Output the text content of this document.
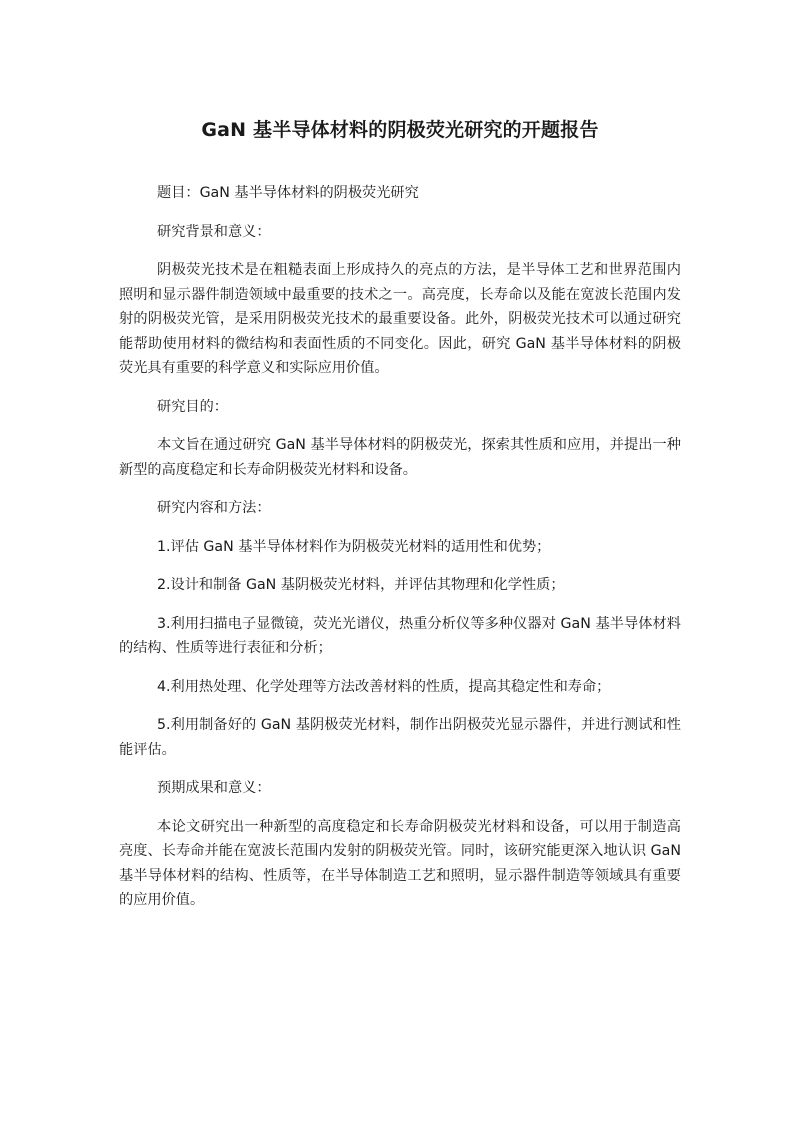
GaN 基半导体材料的阴极荧光研究的开题报告

题目：GaN 基半导体材料的阴极荧光研究

研究背景和意义：

阴极荧光技术是在粗糙表面上形成持久的亮点的方法，是半导体工艺和世界范围内照明和显示器件制造领域中最重要的技术之一。高亮度，长寿命以及能在宽波长范围内发射的阴极荧光管，是采用阴极荧光技术的最重要设备。此外，阴极荧光技术可以通过研究能帮助使用材料的微结构和表面性质的不同变化。因此，研究 GaN 基半导体材料的阴极荧光具有重要的科学意义和实际应用价值。

研究目的：

本文旨在通过研究 GaN 基半导体材料的阴极荧光，探索其性质和应用，并提出一种新型的高度稳定和长寿命阴极荧光材料和设备。

研究内容和方法：

1.评估 GaN 基半导体材料作为阴极荧光材料的适用性和优势；

2.设计和制备 GaN 基阴极荧光材料，并评估其物理和化学性质；

3.利用扫描电子显微镜，荧光光谱仪，热重分析仪等多种仪器对 GaN 基半导体材料的结构、性质等进行表征和分析；

4.利用热处理、化学处理等方法改善材料的性质，提高其稳定性和寿命；

5.利用制备好的 GaN 基阴极荧光材料，制作出阴极荧光显示器件，并进行测试和性能评估。

预期成果和意义：

本论文研究出一种新型的高度稳定和长寿命阴极荧光材料和设备，可以用于制造高亮度、长寿命并能在宽波长范围内发射的阴极荧光管。同时，该研究能更深入地认识 GaN 基半导体材料的结构、性质等，在半导体制造工艺和照明，显示器件制造等领域具有重要的应用价值。
